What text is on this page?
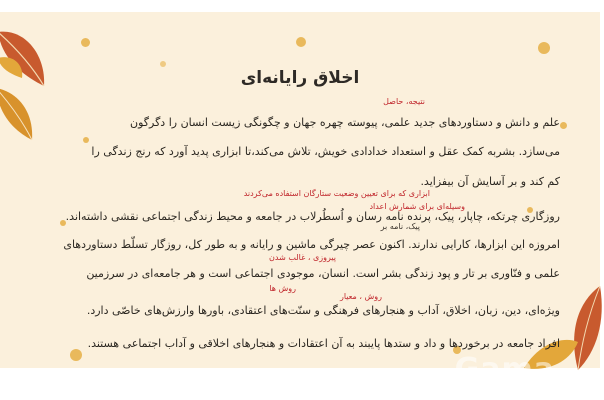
اخلاق رایانه‌ای
نتیجه، حاصل
ابزاری که برای تعیین وضعیت ستارگان استفاده می‌کردند
وسیله‌ای برای شمارش اعداد
پیک، نامه بر
پیروزی ، غالب شدن
روش ها
روش ، معیار

علم و دانش و دستاوردهای جدید علمی، پیوسته چهره جهان و چگونگی زیست انسان را دگرگون

می‌سازد. بشربه کمک عقل و استعداد خدادادی خویش، تلاش می‌کند،تا ابزاری پدید آورد که رنج زندگی را

کم کند و بر آسایش آن بیفزاید.

روزگاری چرتکه، چاپار، پیک، پرنده نامه رسان و اُسطُرلاب در جامعه و محیط زندگی اجتماعی نقشی داشته‌اند.

امروزه این ابزارها، کارایی ندارند. اکنون عصر چیرگی ماشین و رایانه و به طور کل، روزگار تسلّط دستاوردهای

علمی و فنّاوری بر تار و پود زندگی بشر است. انسان، موجودی اجتماعی است و هر جامعه‌ای در سرزمین

ویژه‌ای، دین، زبان، اخلاق، آداب و هنجارهای فرهنگی و سنّت‌های اعتقادی، باورها وارزش‌های خاصّی دارد.

افراد جامعه در برخوردها و داد و ستدها پایبند به آن اعتقادات و هنجارهای اخلاقی و آداب اجتماعی هستند.

Gama
